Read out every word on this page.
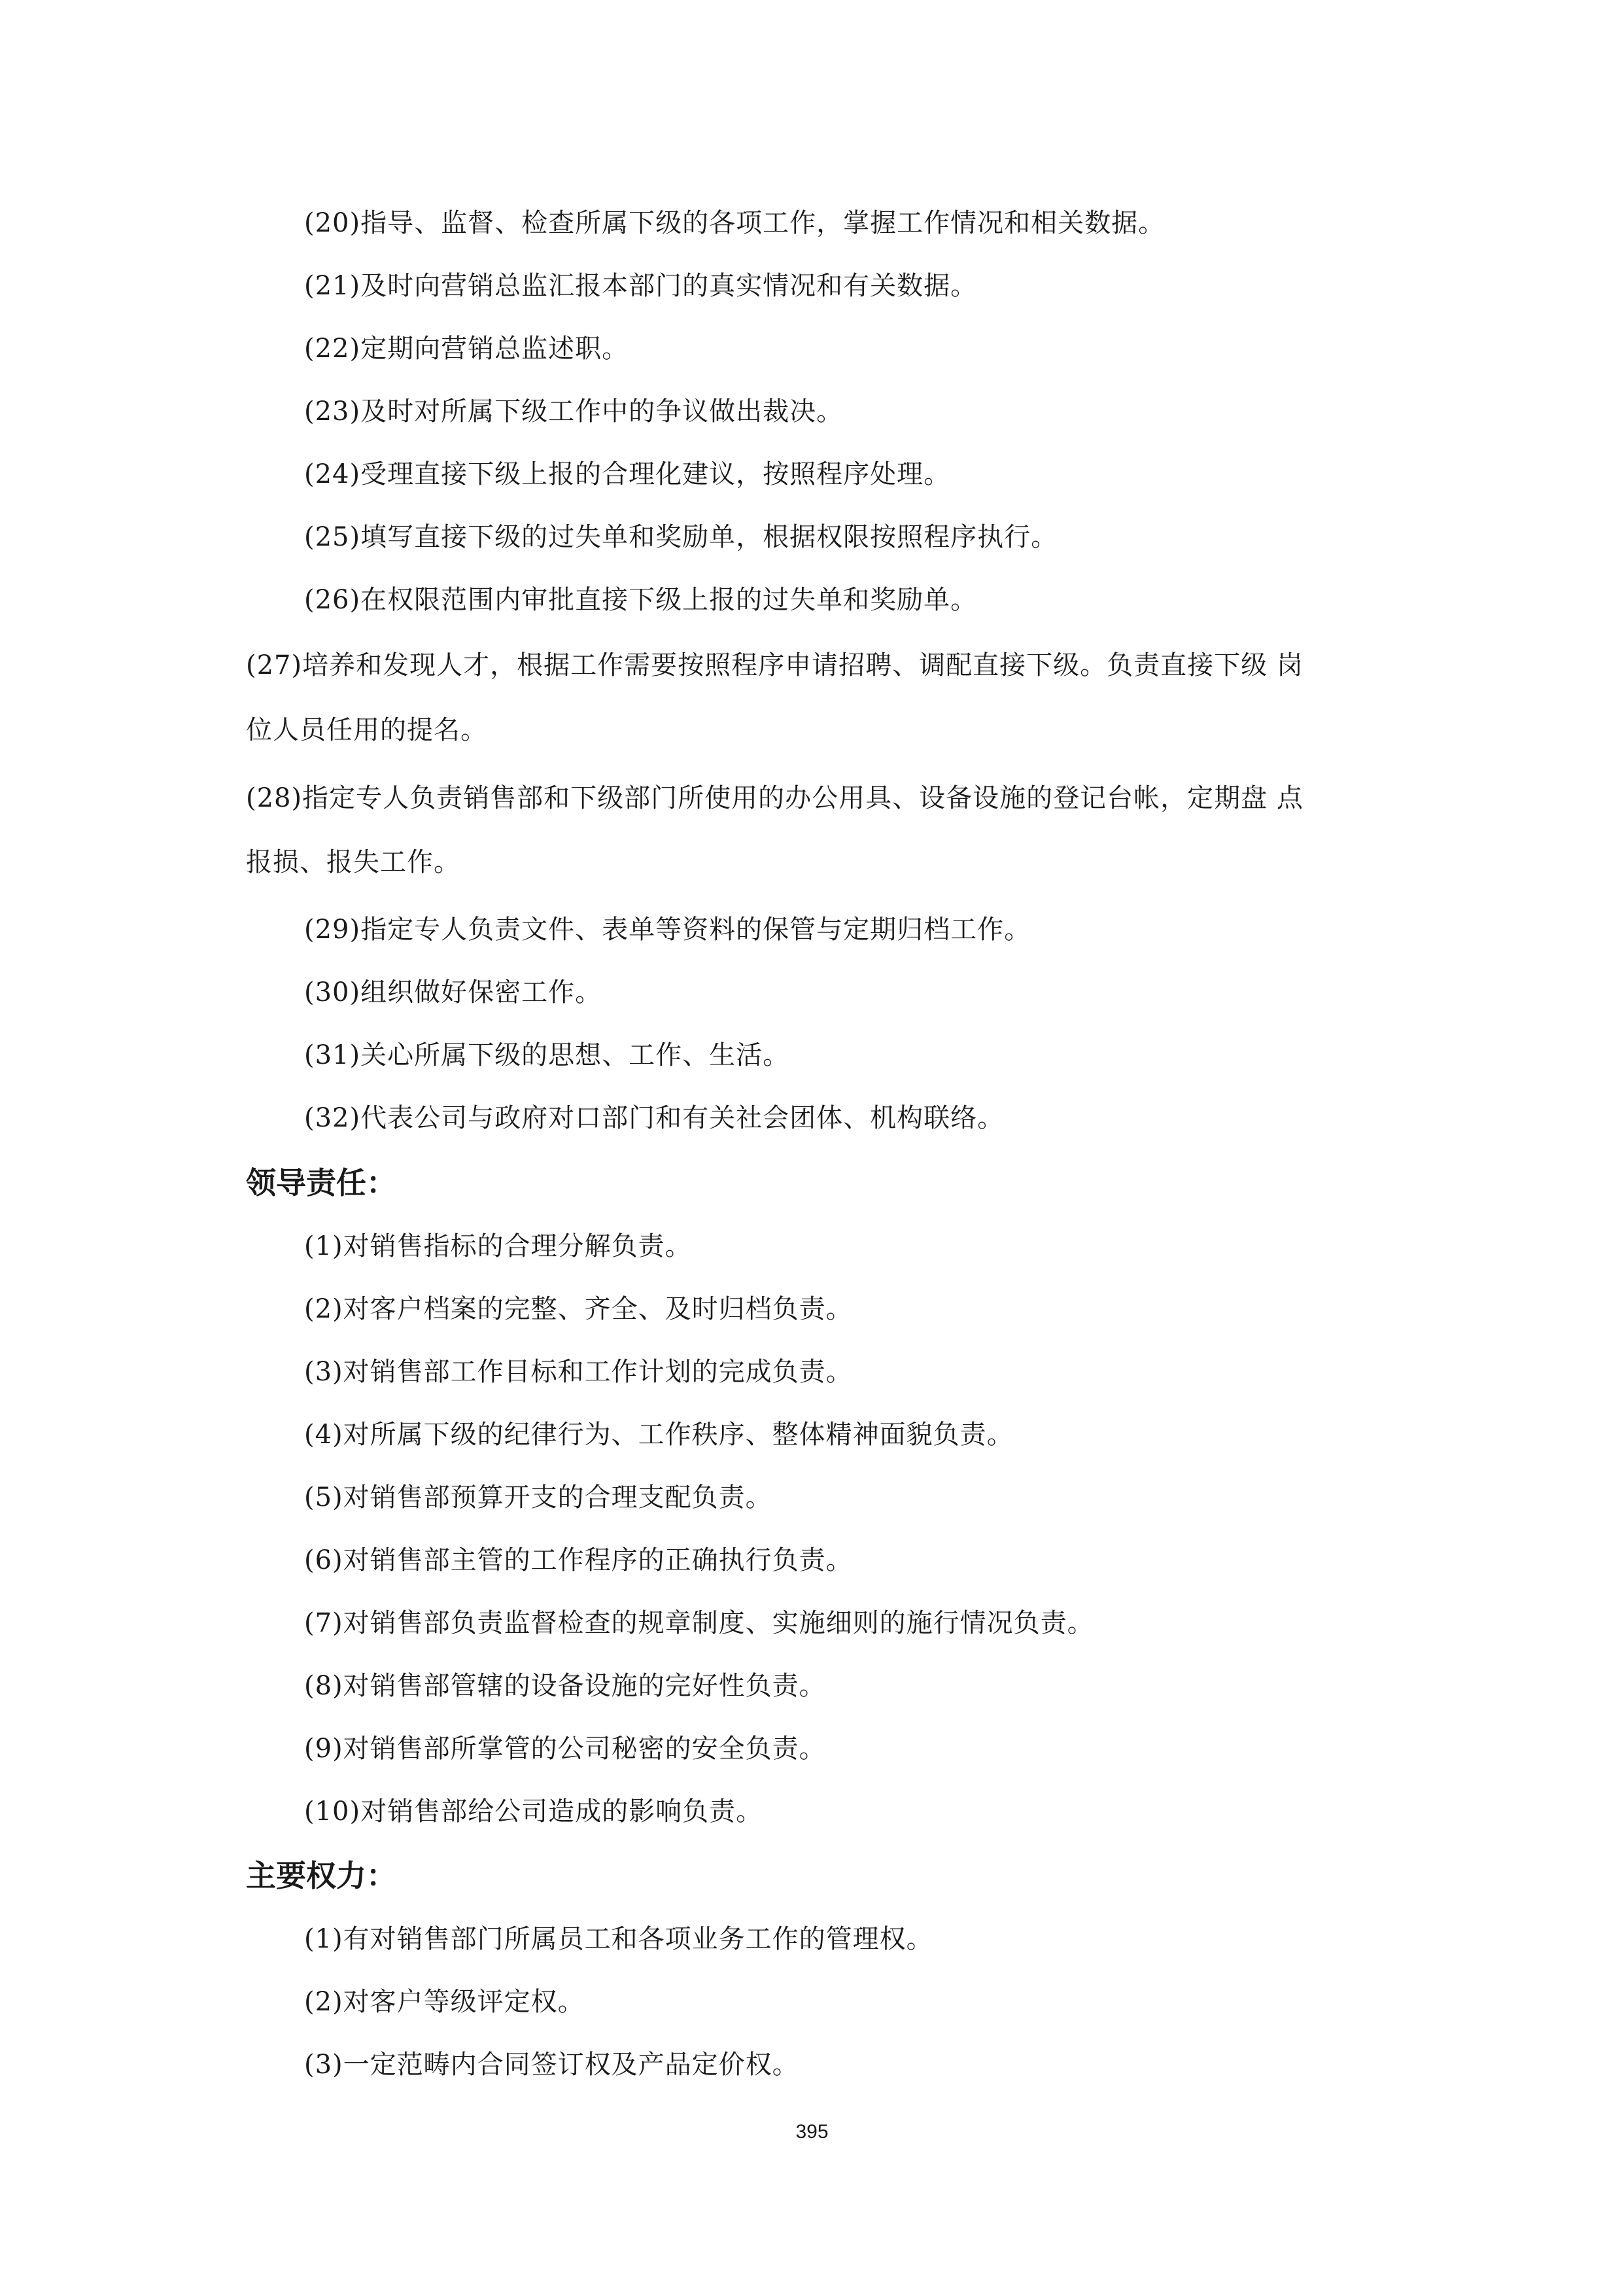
(20)指导、监督、检查所属下级的各项工作，掌握工作情况和相关数据。
(21)及时向营销总监汇报本部门的真实情况和有关数据。
(22)定期向营销总监述职。
(23)及时对所属下级工作中的争议做出裁决。
(24)受理直接下级上报的合理化建议，按照程序处理。
(25)填写直接下级的过失单和奖励单，根据权限按照程序执行。
(26)在权限范围内审批直接下级上报的过失单和奖励单。
(27)培养和发现人才，根据工作需要按照程序申请招聘、调配直接下级。负责直接下级 岗
位人员任用的提名。
(28)指定专人负责销售部和下级部门所使用的办公用具、设备设施的登记台帐，定期盘 点
报损、报失工作。
(29)指定专人负责文件、表单等资料的保管与定期归档工作。
(30)组织做好保密工作。
(31)关心所属下级的思想、工作、生活。
(32)代表公司与政府对口部门和有关社会团体、机构联络。
领导责任：
(1)对销售指标的合理分解负责。
(2)对客户档案的完整、齐全、及时归档负责。
(3)对销售部工作目标和工作计划的完成负责。
(4)对所属下级的纪律行为、工作秩序、整体精神面貌负责。
(5)对销售部预算开支的合理支配负责。
(6)对销售部主管的工作程序的正确执行负责。
(7)对销售部负责监督检查的规章制度、实施细则的施行情况负责。
(8)对销售部管辖的设备设施的完好性负责。
(9)对销售部所掌管的公司秘密的安全负责。
(10)对销售部给公司造成的影响负责。
主要权力：
(1)有对销售部门所属员工和各项业务工作的管理权。
(2)对客户等级评定权。
(3)一定范畴内合同签订权及产品定价权。
395
